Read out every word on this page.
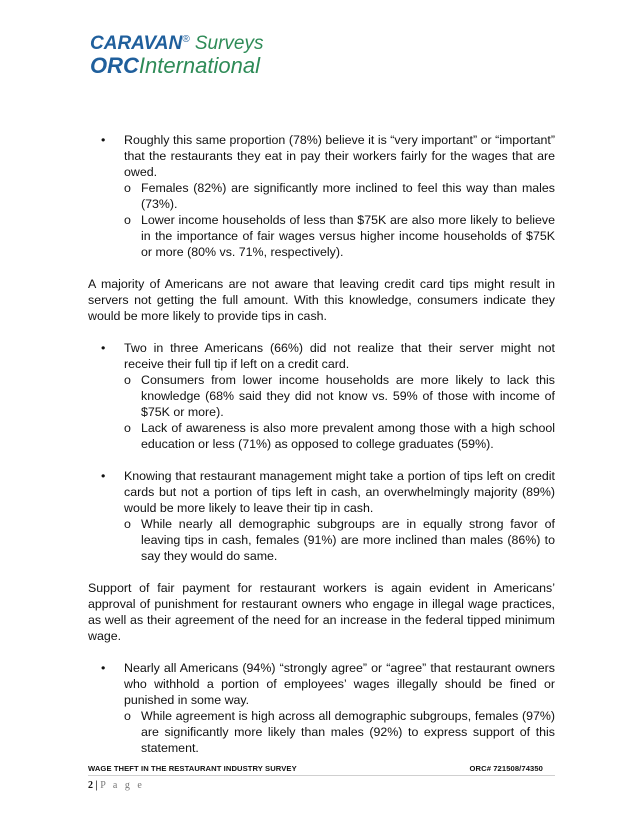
CARAVAN® Surveys
ORCInternational
• Roughly this same proportion (78%) believe it is “very important” or “important” that the restaurants they eat in pay their workers fairly for the wages that are owed.
o Females (82%) are significantly more inclined to feel this way than males (73%).
o Lower income households of less than $75K are also more likely to believe in the importance of fair wages versus higher income households of $75K or more (80% vs. 71%, respectively).

A majority of Americans are not aware that leaving credit card tips might result in servers not getting the full amount. With this knowledge, consumers indicate they would be more likely to provide tips in cash.

• Two in three Americans (66%) did not realize that their server might not receive their full tip if left on a credit card.
o Consumers from lower income households are more likely to lack this knowledge (68% said they did not know vs. 59% of those with income of $75K or more).
o Lack of awareness is also more prevalent among those with a high school education or less (71%) as opposed to college graduates (59%).
• Knowing that restaurant management might take a portion of tips left on credit cards but not a portion of tips left in cash, an overwhelmingly majority (89%) would be more likely to leave their tip in cash.
o While nearly all demographic subgroups are in equally strong favor of leaving tips in cash, females (91%) are more inclined than males (86%) to say they would do same.

Support of fair payment for restaurant workers is again evident in Americans’ approval of punishment for restaurant owners who engage in illegal wage practices, as well as their agreement of the need for an increase in the federal tipped minimum wage.

• Nearly all Americans (94%) “strongly agree” or “agree” that restaurant owners who withhold a portion of employees’ wages illegally should be fined or punished in some way.
o While agreement is high across all demographic subgroups, females (97%) are significantly more likely than males (92%) to express support of this statement.
WAGE THEFT IN THE RESTAURANT INDUSTRY SURVEY	ORC# 721508/74350
2 | P a g e
